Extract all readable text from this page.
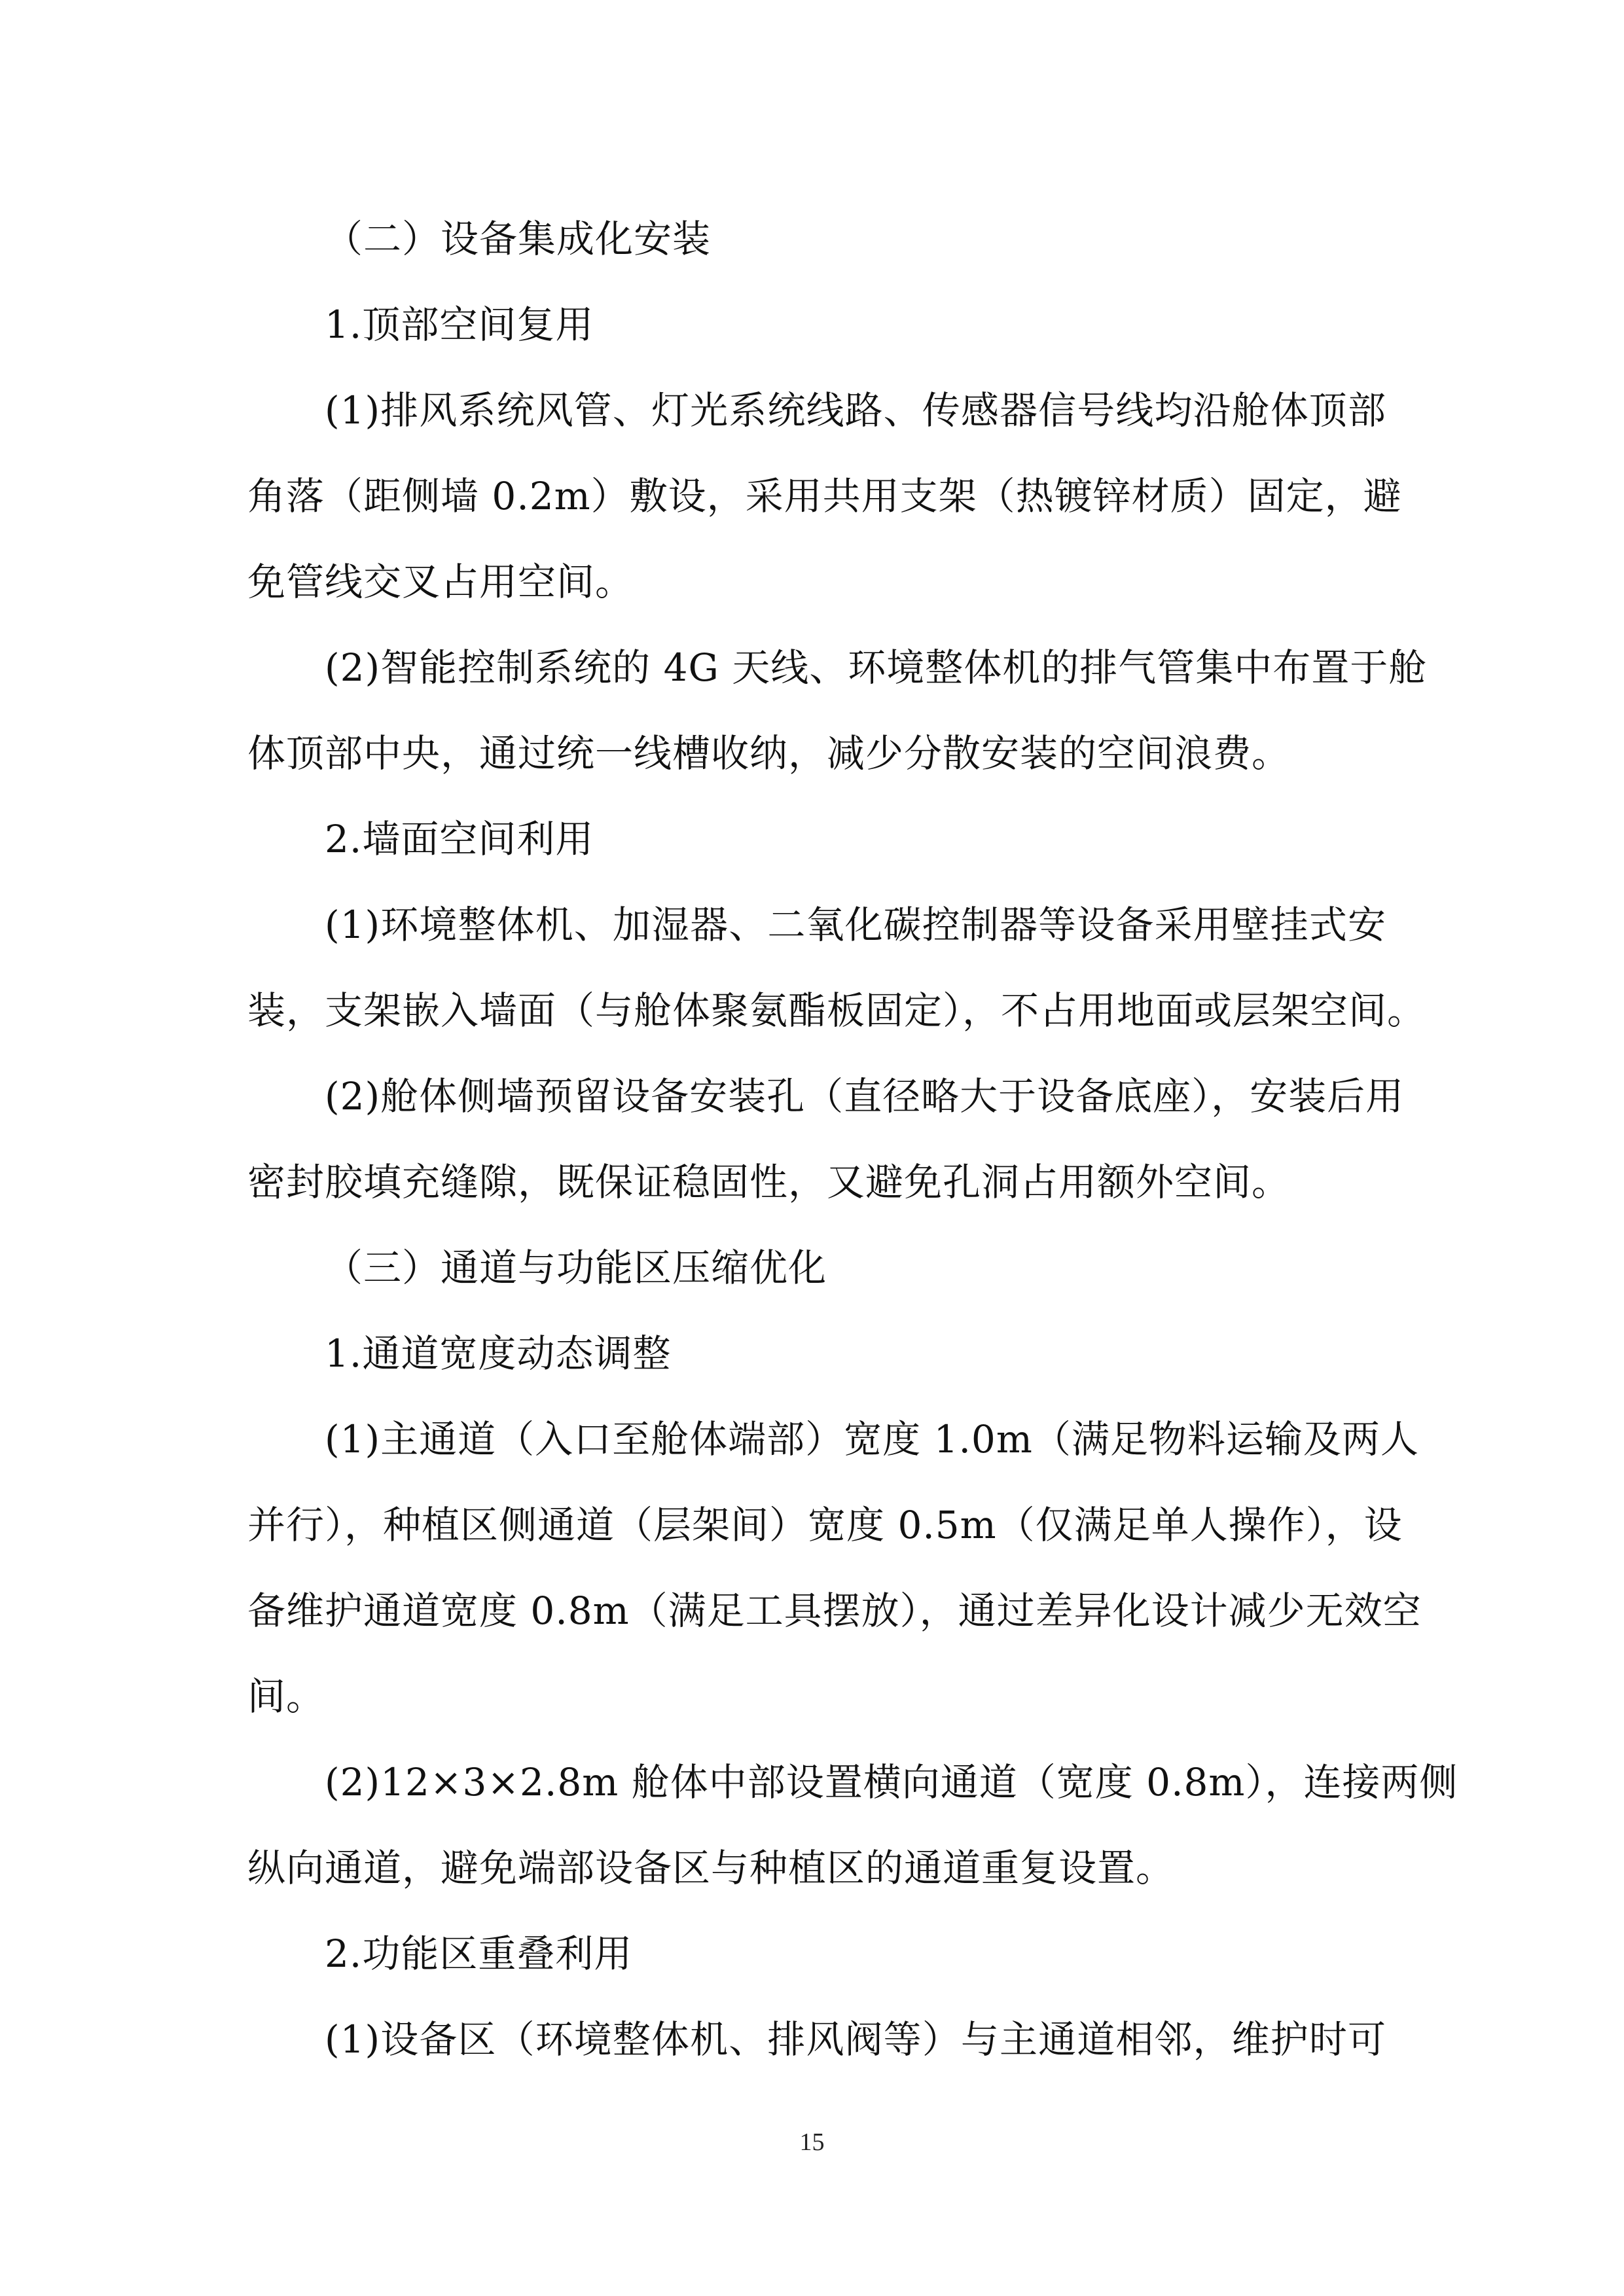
（二）设备集成化安装
1.顶部空间复用
(1)排风系统风管、灯光系统线路、传感器信号线均沿舱体顶部
角落（距侧墙 0.2m）敷设，采用共用支架（热镀锌材质）固定，避
免管线交叉占用空间。
(2)智能控制系统的 4G 天线、环境整体机的排气管集中布置于舱
体顶部中央，通过统一线槽收纳，减少分散安装的空间浪费。
2.墙面空间利用
(1)环境整体机、加湿器、二氧化碳控制器等设备采用壁挂式安
装，支架嵌入墙面（与舱体聚氨酯板固定），不占用地面或层架空间。
(2)舱体侧墙预留设备安装孔（直径略大于设备底座），安装后用
密封胶填充缝隙，既保证稳固性，又避免孔洞占用额外空间。
（三）通道与功能区压缩优化
1.通道宽度动态调整
(1)主通道（入口至舱体端部）宽度 1.0m（满足物料运输及两人
并行），种植区侧通道（层架间）宽度 0.5m（仅满足单人操作），设
备维护通道宽度 0.8m（满足工具摆放），通过差异化设计减少无效空
间。
(2)12×3×2.8m 舱体中部设置横向通道（宽度 0.8m），连接两侧
纵向通道，避免端部设备区与种植区的通道重复设置。
2.功能区重叠利用
(1)设备区（环境整体机、排风阀等）与主通道相邻，维护时可
15
